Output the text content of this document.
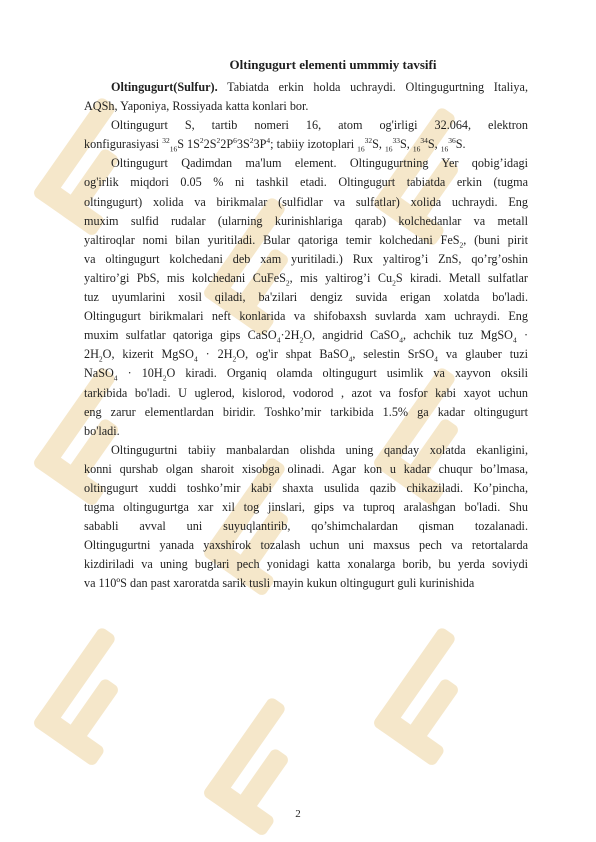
Oltingugurt elementi ummmiy tavsifi
Oltingugurt(Sulfur). Tabiatda erkin holda uchraydi. Oltingugurtning Italiya,
AQSh, Yaponiya, Rossiyada katta konlari bor.
Oltingugurt S, tartib nomeri 16, atom og'irligi 32.064, elektron
konfigurasiyasi $^{32}_{16}$S $1S^22S^22P^63S^23P^4$; tabiiy izotoplari $_{16}^{32}$S, $_{16}^{33}$S, $_{16}^{34}$S, $_{16}^{36}$S.
Oltingugurt Qadimdan ma'lum element. Oltingugurtning Yer qobig’idagi
og'irlik miqdori 0.05 % ni tashkil etadi. Oltingugurt tabiatda erkin (tugma
oltingugurt) xolida va birikmalar (sulfidlar va sulfatlar) xolida uchraydi. Eng
muxim sulfid rudalar (ularning kurinishlariga qarab) kolchedanlar va metall
yaltiroqlar nomi bilan yuritiladi. Bular qatoriga temir kolchedani FeS$_2$, (buni pirit
va oltingugurt kolchedani deb xam yuritiladi.) Rux yaltirog’i ZnS, qo’rg’oshin
yaltiro’gi PbS, mis kolchedani CuFeS$_2$, mis yaltirog’i $Cu_2S$ kiradi. Metall sulfatlar
tuz uyumlarini xosil qiladi, ba'zilari dengiz suvida erigan xolatda bo'ladi.
Oltingugurt birikmalari neft konlarida va shifobaxsh suvlarda xam uchraydi. Eng
muxim sulfatlar qatoriga gips $CaSO_4\cdot 2H_2O$, angidrid CaSO$_4$, achchik tuz MgSO$_4$ ·
$2H_2O$, kizerit MgSO$_4$ · $2H_2O$, og'ir shpat BaSO$_4$, selestin SrSO$_4$ va glauber tuzi
NaSO$_4$ · $10H_2O$ kiradi. Organiq olamda oltingugurt usimlik va xayvon oksili
tarkibida bo'ladi. U uglerod, kislorod, vodorod , azot va fosfor kabi xayot uchun
eng zarur elementlardan biridir. Toshko’mir tarkibida 1.5% ga kadar oltingugurt
bo'ladi.
Oltingugurtni tabiiy manbalardan olishda uning qanday xolatda ekanligini,
konni qurshab olgan sharoit xisobga olinadi. Agar kon u kadar chuqur bo’lmasa,
oltingugurt xuddi toshko’mir kabi shaxta usulida qazib chikaziladi. Ko’pincha,
tugma oltingugurtga xar xil tog jinslari, gips va tuproq aralashgan bo'ladi. Shu
sababli avval uni suyuqlantirib, qo’shimchalardan qisman tozalanadi.
Oltingugurtni yanada yaxshirok tozalash uchun uni maxsus pech va retortalarda
kizdiriladi va uning buglari pech yonidagi katta xonalarga borib, bu yerda soviydi
va 110ºS dan past xaroratda sarik tusli mayin kukun oltingugurt guli kurinishida
2
